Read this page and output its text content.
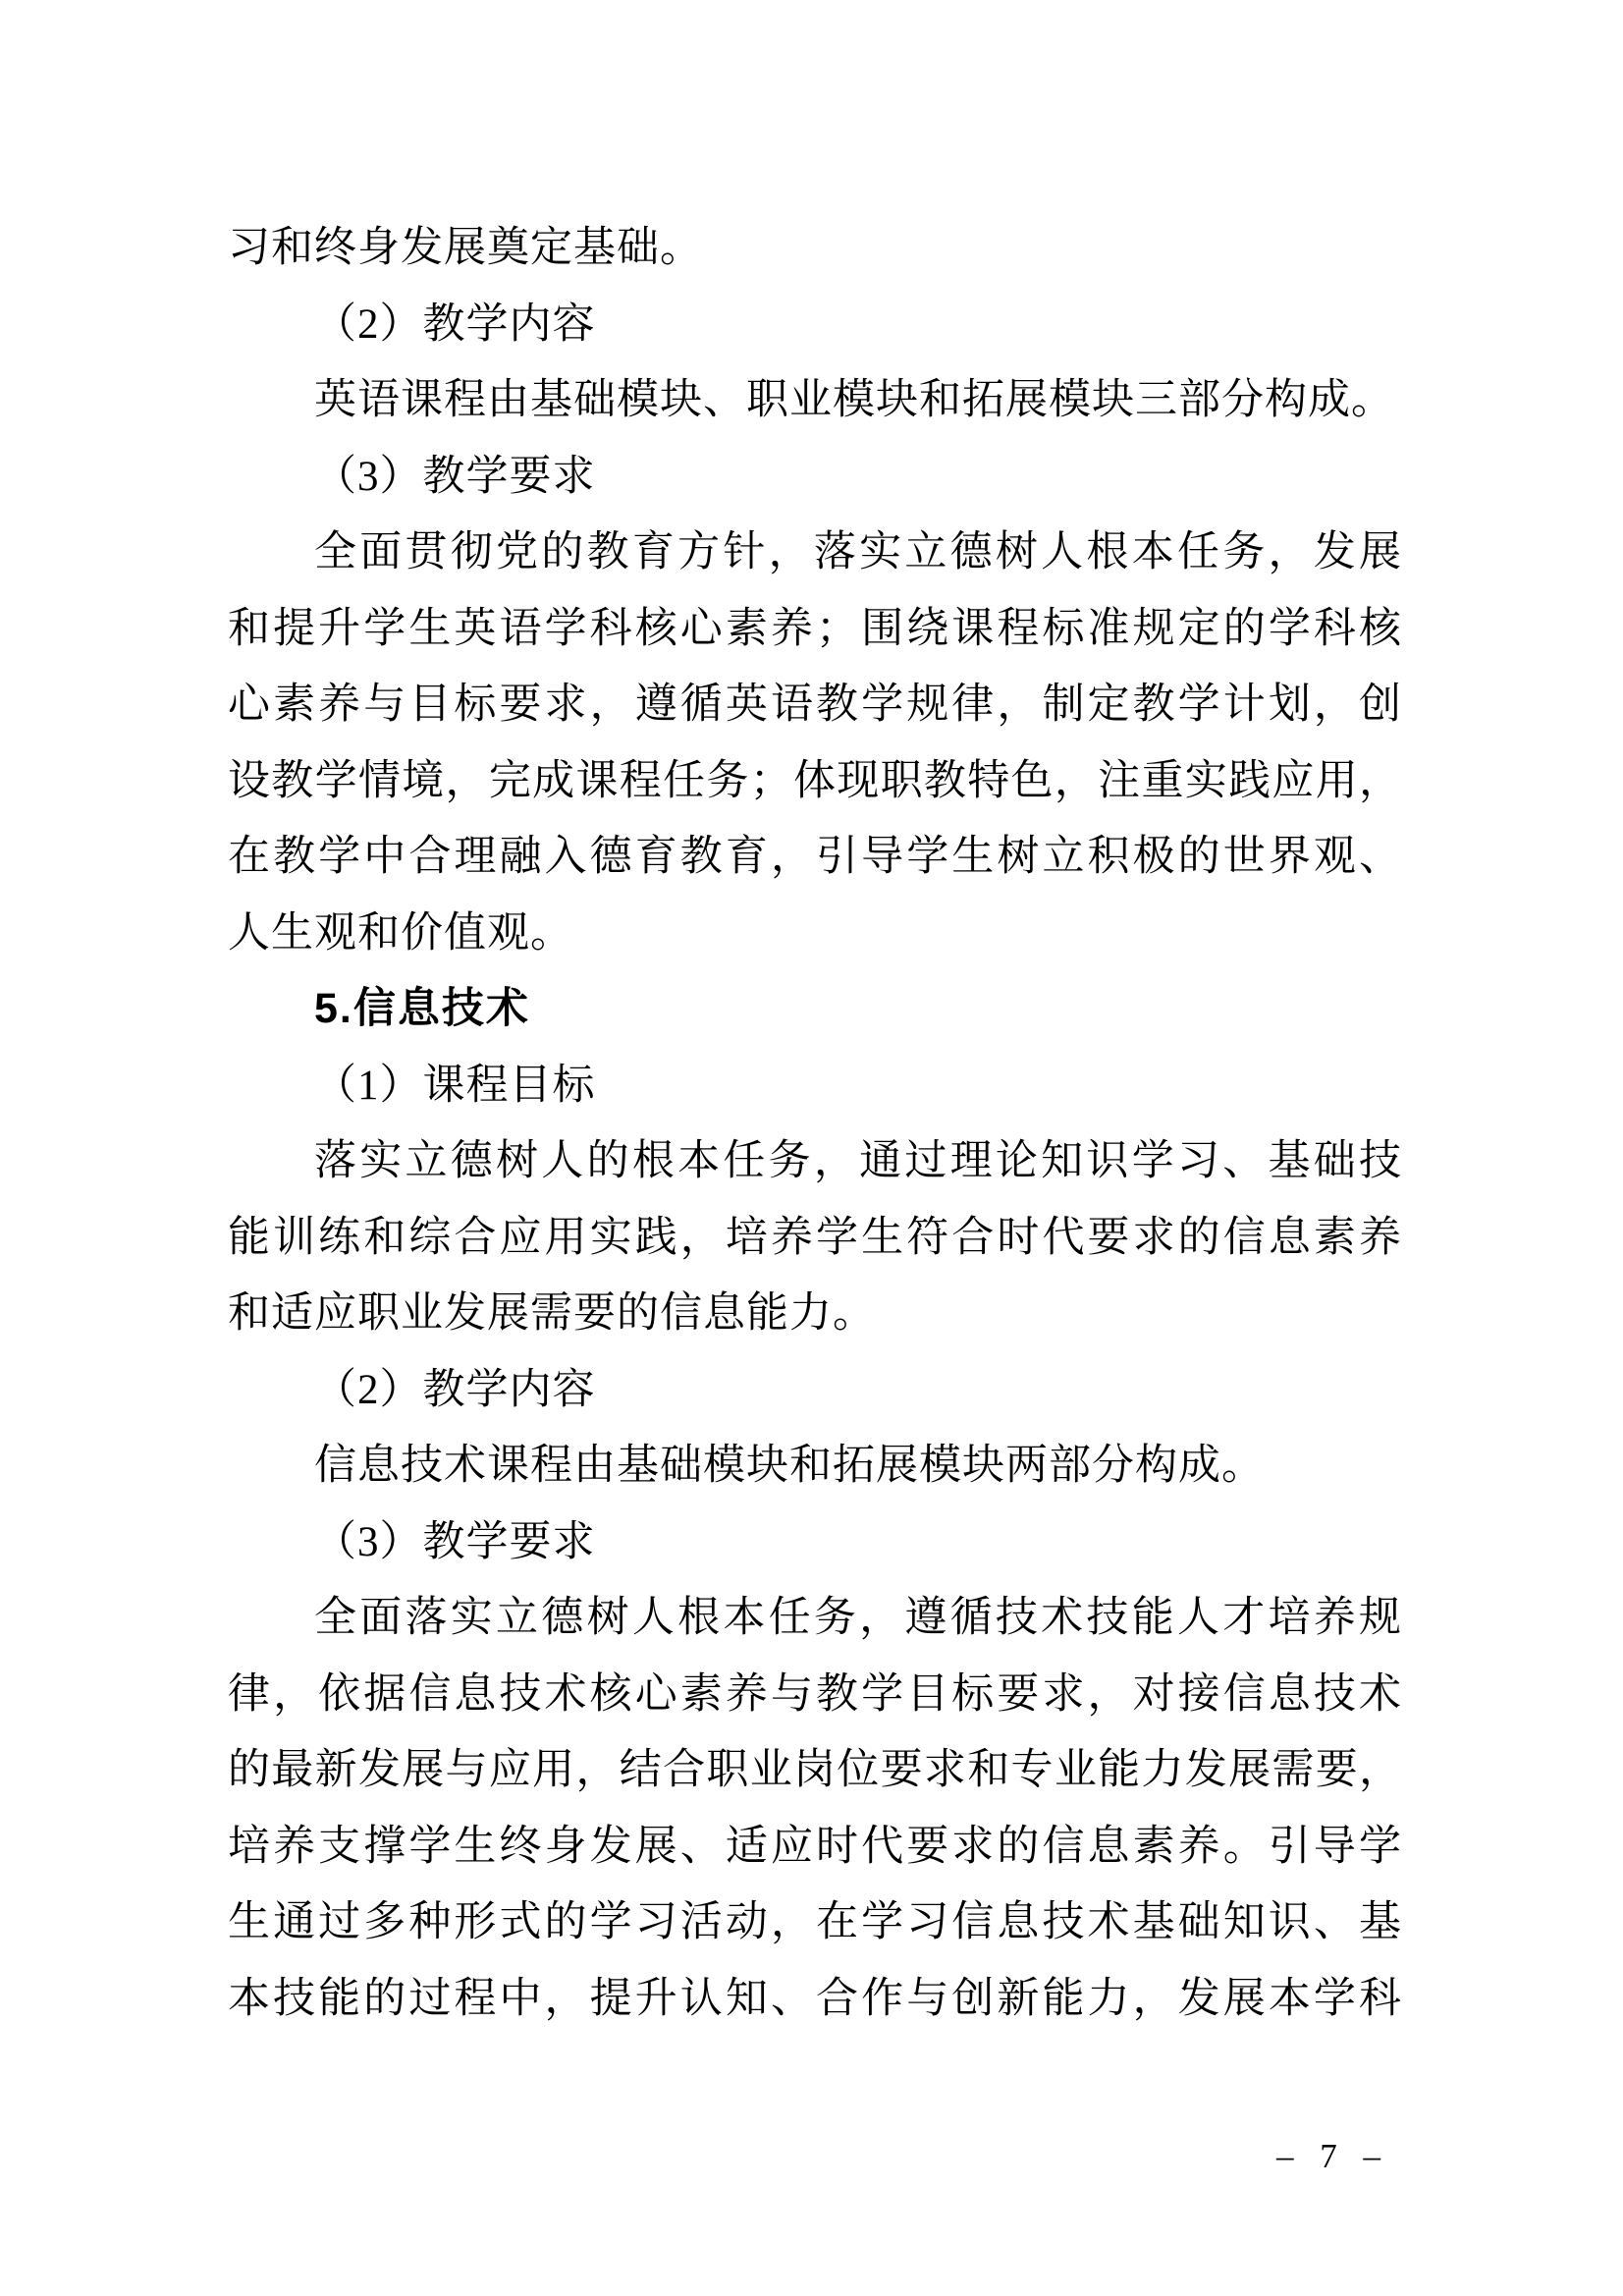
习和终身发展奠定基础。
（2）教学内容
英语课程由基础模块、职业模块和拓展模块三部分构成。
（3）教学要求
全面贯彻党的教育方针，落实立德树人根本任务，发展
和提升学生英语学科核心素养；围绕课程标准规定的学科核
心素养与目标要求，遵循英语教学规律，制定教学计划，创
设教学情境，完成课程任务；体现职教特色，注重实践应用，
在教学中合理融入德育教育，引导学生树立积极的世界观、
人生观和价值观。
5.信息技术
（1）课程目标
落实立德树人的根本任务，通过理论知识学习、基础技
能训练和综合应用实践，培养学生符合时代要求的信息素养
和适应职业发展需要的信息能力。
（2）教学内容
信息技术课程由基础模块和拓展模块两部分构成。
（3）教学要求
全面落实立德树人根本任务，遵循技术技能人才培养规
律，依据信息技术核心素养与教学目标要求，对接信息技术
的最新发展与应用，结合职业岗位要求和专业能力发展需要，
培养支撑学生终身发展、适应时代要求的信息素养。引导学
生通过多种形式的学习活动，在学习信息技术基础知识、基
本技能的过程中，提升认知、合作与创新能力，发展本学科
– 7 –
